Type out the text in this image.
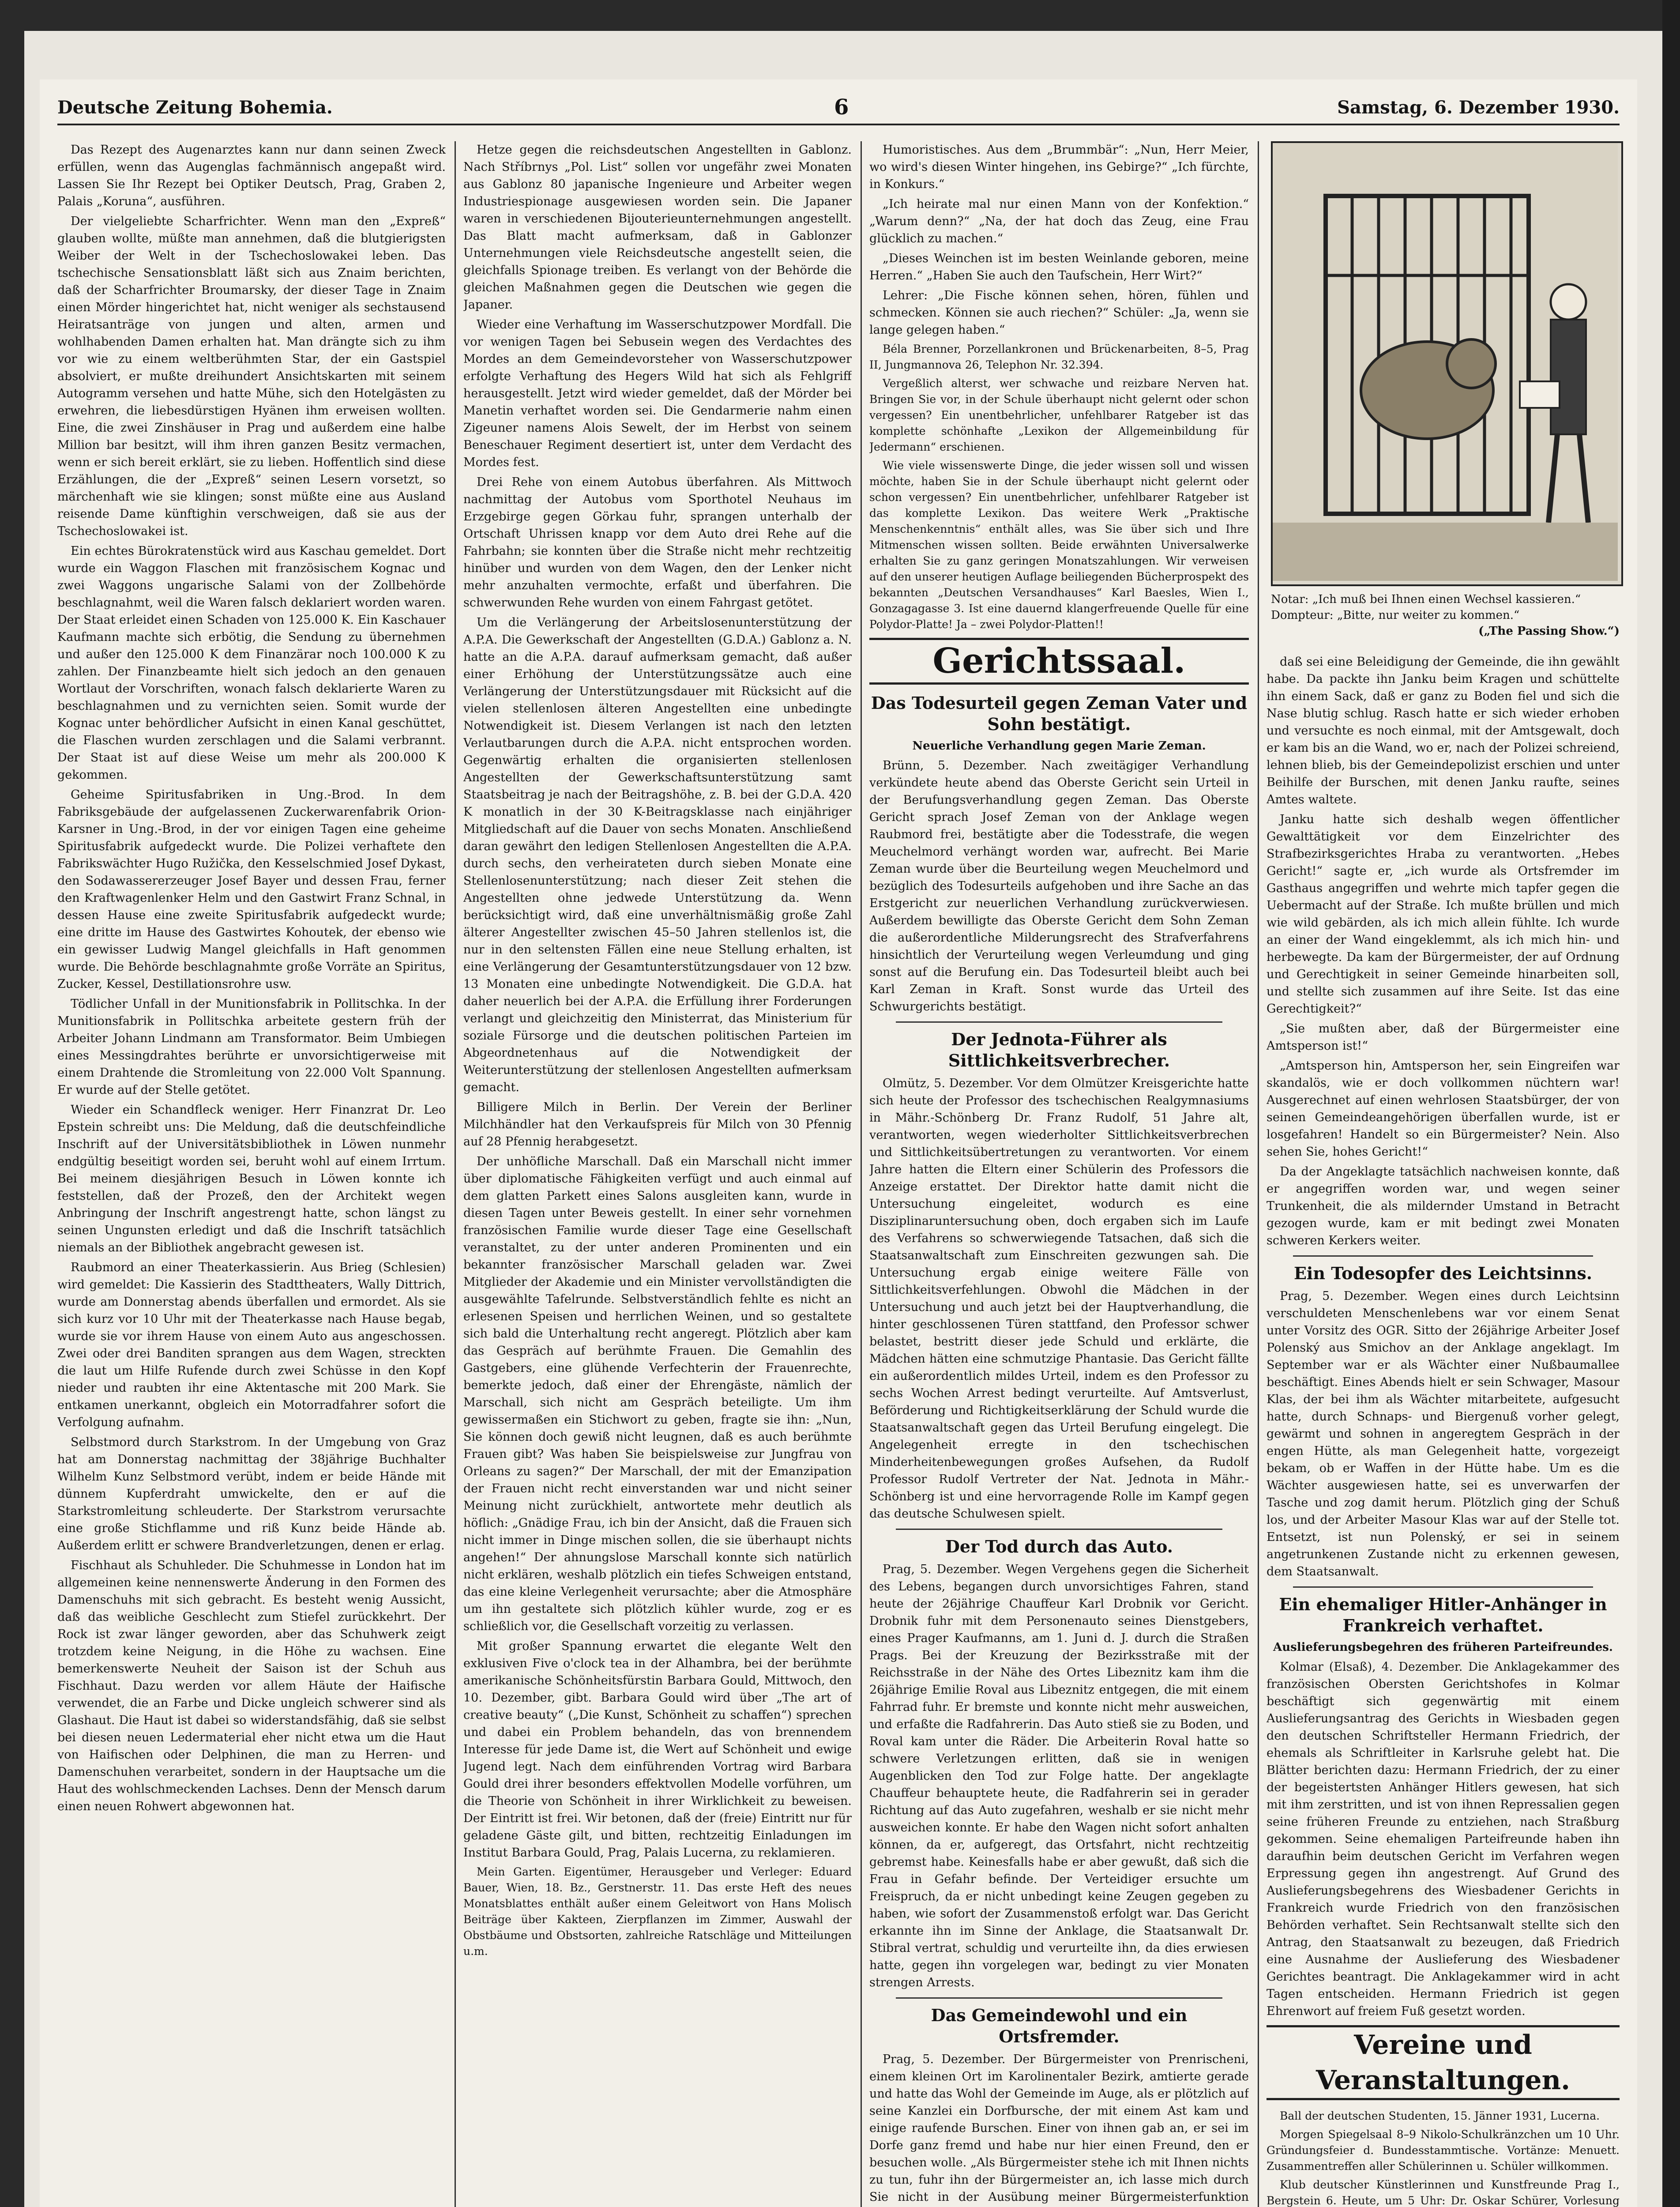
Deutsche Zeitung Bohemia.	6	Samstag, 6. Dezember 1930.

Das Rezept des Augenarztes kann nur dann seinen Zweck erfüllen, wenn das Augenglas fachmännisch angepaßt wird. Lassen Sie Ihr Rezept bei Optiker Deutsch, Prag, Graben 2, Palais „Koruna“, ausführen.

Der vielgeliebte Scharfrichter. Wenn man den „Expreß“ glauben wollte, müßte man annehmen, daß die blutgierigsten Weiber der Welt in der Tschechoslowakei leben. Das tschechische Sensationsblatt läßt sich aus Znaim berichten, daß der Scharfrichter Broumarsky, der dieser Tage in Znaim einen Mörder hingerichtet hat, nicht weniger als sechstausend Heiratsanträge von jungen und alten, armen und wohlhabenden Damen erhalten hat. Man drängte sich zu ihm vor wie zu einem weltberühmten Star, der ein Gastspiel absolviert, er mußte dreihundert Ansichtskarten mit seinem Autogramm versehen und hatte Mühe, sich den Hotelgästen zu erwehren, die liebesdürstigen Hyänen ihm erweisen wollten. Eine, die zwei Zinshäuser in Prag und außerdem eine halbe Million bar besitzt, will ihm ihren ganzen Besitz vermachen, wenn er sich bereit erklärt, sie zu lieben. Hoffentlich sind diese Erzählungen, die der „Expreß“ seinen Lesern vorsetzt, so märchenhaft wie sie klingen; sonst müßte eine aus Ausland reisende Dame künftighin verschweigen, daß sie aus der Tschechoslowakei ist.

Ein echtes Bürokratenstück wird aus Kaschau gemeldet. Dort wurde ein Waggon Flaschen mit französischem Kognac und zwei Waggons ungarische Salami von der Zollbehörde beschlagnahmt, weil die Waren falsch deklariert worden waren. Der Staat erleidet einen Schaden von 125.000 K. Ein Kaschauer Kaufmann machte sich erbötig, die Sendung zu übernehmen und außer den 125.000 K dem Finanzärar noch 100.000 K zu zahlen. Der Finanzbeamte hielt sich jedoch an den genauen Wortlaut der Vorschriften, wonach falsch deklarierte Waren zu beschlagnahmen und zu vernichten seien. Somit wurde der Kognac unter behördlicher Aufsicht in einen Kanal geschüttet, die Flaschen wurden zerschlagen und die Salami verbrannt. Der Staat ist auf diese Weise um mehr als 200.000 K gekommen.

Geheime Spiritusfabriken in Ung.-Brod. In dem Fabriksgebäude der aufgelassenen Zuckerwarenfabrik Orion-Karsner in Ung.-Brod, in der vor einigen Tagen eine geheime Spiritusfabrik aufgedeckt wurde. Die Polizei verhaftete den Fabrikswächter Hugo Ružička, den Kesselschmied Josef Dykast, den Sodawassererzeuger Josef Bayer und dessen Frau, ferner den Kraftwagenlenker Helm und den Gastwirt Franz Schnal, in dessen Hause eine zweite Spiritusfabrik aufgedeckt wurde; eine dritte im Hause des Gastwirtes Kohoutek, der ebenso wie ein gewisser Ludwig Mangel gleichfalls in Haft genommen wurde. Die Behörde beschlagnahmte große Vorräte an Spiritus, Zucker, Kessel, Destillationsrohre usw.

Tödlicher Unfall in der Munitionsfabrik in Pollitschka. In der Munitionsfabrik in Pollitschka arbeitete gestern früh der Arbeiter Johann Lindmann am Transformator. Beim Umbiegen eines Messingdrahtes berührte er unvorsichtigerweise mit einem Drahtende die Stromleitung von 22.000 Volt Spannung. Er wurde auf der Stelle getötet.

Wieder ein Schandfleck weniger. Herr Finanzrat Dr. Leo Epstein schreibt uns: Die Meldung, daß die deutschfeindliche Inschrift auf der Universitätsbibliothek in Löwen nunmehr endgültig beseitigt worden sei, beruht wohl auf einem Irrtum. Bei meinem diesjährigen Besuch in Löwen konnte ich feststellen, daß der Prozeß, den der Architekt wegen Anbringung der Inschrift angestrengt hatte, schon längst zu seinen Ungunsten erledigt und daß die Inschrift tatsächlich niemals an der Bibliothek angebracht gewesen ist.

Raubmord an einer Theaterkassierin. Aus Brieg (Schlesien) wird gemeldet: Die Kassierin des Stadttheaters, Wally Dittrich, wurde am Donnerstag abends überfallen und ermordet. Als sie sich kurz vor 10 Uhr mit der Theaterkasse nach Hause begab, wurde sie vor ihrem Hause von einem Auto aus angeschossen. Zwei oder drei Banditen sprangen aus dem Wagen, streckten die laut um Hilfe Rufende durch zwei Schüsse in den Kopf nieder und raubten ihr eine Aktentasche mit 200 Mark. Sie entkamen unerkannt, obgleich ein Motorradfahrer sofort die Verfolgung aufnahm.

Selbstmord durch Starkstrom. In der Umgebung von Graz hat am Donnerstag nachmittag der 38jährige Buchhalter Wilhelm Kunz Selbstmord verübt, indem er beide Hände mit dünnem Kupferdraht umwickelte, den er auf die Starkstromleitung schleuderte. Der Starkstrom verursachte eine große Stichflamme und riß Kunz beide Hände ab. Außerdem erlitt er schwere Brandverletzungen, denen er erlag.

Fischhaut als Schuhleder. Die Schuhmesse in London hat im allgemeinen keine nennenswerte Änderung in den Formen des Damenschuhs mit sich gebracht. Es besteht wenig Aussicht, daß das weibliche Geschlecht zum Stiefel zurückkehrt. Der Rock ist zwar länger geworden, aber das Schuhwerk zeigt trotzdem keine Neigung, in die Höhe zu wachsen. Eine bemerkenswerte Neuheit der Saison ist der Schuh aus Fischhaut. Dazu werden vor allem Häute der Haifische verwendet, die an Farbe und Dicke ungleich schwerer sind als Glashaut. Die Haut ist dabei so widerstandsfähig, daß sie selbst bei diesen neuen Ledermaterial eher nicht etwa um die Haut von Haifischen oder Delphinen, die man zu Herren- und Damenschuhen verarbeitet, sondern in der Hauptsache um die Haut des wohlschmeckenden Lachses. Denn der Mensch darum einen neuen Rohwert abgewonnen hat.

Hetze gegen die reichsdeutschen Angestellten in Gablonz. Nach Stříbrnys „Pol. List“ sollen vor ungefähr zwei Monaten aus Gablonz 80 japanische Ingenieure und Arbeiter wegen Industriespionage ausgewiesen worden sein. Die Japaner waren in verschiedenen Bijouterieunternehmungen angestellt. Das Blatt macht aufmerksam, daß in Gablonzer Unternehmungen viele Reichsdeutsche angestellt seien, die gleichfalls Spionage treiben. Es verlangt von der Behörde die gleichen Maßnahmen gegen die Deutschen wie gegen die Japaner.

Wieder eine Verhaftung im Wasserschutzpower Mordfall. Die vor wenigen Tagen bei Sebusein wegen des Verdachtes des Mordes an dem Gemeindevorsteher von Wasserschutzpower erfolgte Verhaftung des Hegers Wild hat sich als Fehlgriff herausgestellt. Jetzt wird wieder gemeldet, daß der Mörder bei Manetin verhaftet worden sei. Die Gendarmerie nahm einen Zigeuner namens Alois Sewelt, der im Herbst von seinem Beneschauer Regiment desertiert ist, unter dem Verdacht des Mordes fest.

Drei Rehe von einem Autobus überfahren. Als Mittwoch nachmittag der Autobus vom Sporthotel Neuhaus im Erzgebirge gegen Görkau fuhr, sprangen unterhalb der Ortschaft Uhrissen knapp vor dem Auto drei Rehe auf die Fahrbahn; sie konnten über die Straße nicht mehr rechtzeitig hinüber und wurden von dem Wagen, den der Lenker nicht mehr anzuhalten vermochte, erfaßt und überfahren. Die schwerwunden Rehe wurden von einem Fahrgast getötet.

Um die Verlängerung der Arbeitslosenunterstützung der A.P.A. Die Gewerkschaft der Angestellten (G.D.A.) Gablonz a. N. hatte an die A.P.A. darauf aufmerksam gemacht, daß außer einer Erhöhung der Unterstützungssätze auch eine Verlängerung der Unterstützungsdauer mit Rücksicht auf die vielen stellenlosen älteren Angestellten eine unbedingte Notwendigkeit ist. Diesem Verlangen ist nach den letzten Verlautbarungen durch die A.P.A. nicht entsprochen worden. Gegenwärtig erhalten die organisierten stellenlosen Angestellten der Gewerkschaftsunterstützung samt Staatsbeitrag je nach der Beitragshöhe, z. B. bei der G.D.A. 420 K monatlich in der 30 K-Beitragsklasse nach einjähriger Mitgliedschaft auf die Dauer von sechs Monaten. Anschließend daran gewährt den ledigen Stellenlosen Angestellten die A.P.A. durch sechs, den verheirateten durch sieben Monate eine Stellenlosenunterstützung; nach dieser Zeit stehen die Angestellten ohne jedwede Unterstützung da. Wenn berücksichtigt wird, daß eine unverhältnismäßig große Zahl älterer Angestellter zwischen 45–50 Jahren stellenlos ist, die nur in den seltensten Fällen eine neue Stellung erhalten, ist eine Verlängerung der Gesamtunterstützungsdauer von 12 bzw. 13 Monaten eine unbedingte Notwendigkeit. Die G.D.A. hat daher neuerlich bei der A.P.A. die Erfüllung ihrer Forderungen verlangt und gleichzeitig den Ministerrat, das Ministerium für soziale Fürsorge und die deutschen politischen Parteien im Abgeordnetenhaus auf die Notwendigkeit der Weiterunterstützung der stellenlosen Angestellten aufmerksam gemacht.

Billigere Milch in Berlin. Der Verein der Berliner Milchhändler hat den Verkaufspreis für Milch von 30 Pfennig auf 28 Pfennig herabgesetzt.

Der unhöfliche Marschall. Daß ein Marschall nicht immer über diplomatische Fähigkeiten verfügt und auch einmal auf dem glatten Parkett eines Salons ausgleiten kann, wurde in diesen Tagen unter Beweis gestellt. In einer sehr vornehmen französischen Familie wurde dieser Tage eine Gesellschaft veranstaltet, zu der unter anderen Prominenten und ein bekannter französischer Marschall geladen war. Zwei Mitglieder der Akademie und ein Minister vervollständigten die ausgewählte Tafelrunde. Selbstverständlich fehlte es nicht an erlesenen Speisen und herrlichen Weinen, und so gestaltete sich bald die Unterhaltung recht angeregt. Plötzlich aber kam das Gespräch auf berühmte Frauen. Die Gemahlin des Gastgebers, eine glühende Verfechterin der Frauenrechte, bemerkte jedoch, daß einer der Ehrengäste, nämlich der Marschall, sich nicht am Gespräch beteiligte. Um ihm gewissermaßen ein Stichwort zu geben, fragte sie ihn: „Nun, Sie können doch gewiß nicht leugnen, daß es auch berühmte Frauen gibt? Was haben Sie beispielsweise zur Jungfrau von Orleans zu sagen?“ Der Marschall, der mit der Emanzipation der Frauen nicht recht einverstanden war und nicht seiner Meinung nicht zurückhielt, antwortete mehr deutlich als höflich: „Gnädige Frau, ich bin der Ansicht, daß die Frauen sich nicht immer in Dinge mischen sollen, die sie überhaupt nichts angehen!“ Der ahnungslose Marschall konnte sich natürlich nicht erklären, weshalb plötzlich ein tiefes Schweigen entstand, das eine kleine Verlegenheit verursachte; aber die Atmosphäre um ihn gestaltete sich plötzlich kühler wurde, zog er es schließlich vor, die Gesellschaft vorzeitig zu verlassen.

Mit großer Spannung erwartet die elegante Welt den exklusiven Five o'clock tea in der Alhambra, bei der berühmte amerikanische Schönheitsfürstin Barbara Gould, Mittwoch, den 10. Dezember, gibt. Barbara Gould wird über „The art of creative beauty“ („Die Kunst, Schönheit zu schaffen“) sprechen und dabei ein Problem behandeln, das von brennendem Interesse für jede Dame ist, die Wert auf Schönheit und ewige Jugend legt. Nach dem einführenden Vortrag wird Barbara Gould drei ihrer besonders effektvollen Modelle vorführen, um die Theorie von Schönheit in ihrer Wirklichkeit zu beweisen. Der Eintritt ist frei. Wir betonen, daß der (freie) Eintritt nur für geladene Gäste gilt, und bitten, rechtzeitig Einladungen im Institut Barbara Gould, Prag, Palais Lucerna, zu reklamieren.

Mein Garten. Eigentümer, Herausgeber und Verleger: Eduard Bauer, Wien, 18. Bz., Gerstnerstr. 11. Das erste Heft des neues Monatsblattes enthält außer einem Geleitwort von Hans Molisch Beiträge über Kakteen, Zierpflanzen im Zimmer, Auswahl der Obstbäume und Obstsorten, zahlreiche Ratschläge und Mitteilungen u.m.

Humoristisches. Aus dem „Brummbär“: „Nun, Herr Meier, wo wird's diesen Winter hingehen, ins Gebirge?“ „Ich fürchte, in Konkurs.“

„Ich heirate mal nur einen Mann von der Konfektion.“ „Warum denn?“ „Na, der hat doch das Zeug, eine Frau glücklich zu machen.“

„Dieses Weinchen ist im besten Weinlande geboren, meine Herren.“ „Haben Sie auch den Taufschein, Herr Wirt?“

Lehrer: „Die Fische können sehen, hören, fühlen und schmecken. Können sie auch riechen?“ Schüler: „Ja, wenn sie lange gelegen haben.“

Béla Brenner, Porzellankronen und Brückenarbeiten, 8–5, Prag II, Jungmannova 26, Telephon Nr. 32.394.

Vergeßlich alterst, wer schwache und reizbare Nerven hat. Bringen Sie vor, in der Schule überhaupt nicht gelernt oder schon vergessen? Ein unentbehrlicher, unfehlbarer Ratgeber ist das komplette schönhafte „Lexikon der Allgemeinbildung für Jedermann“ erschienen.

Wie viele wissenswerte Dinge, die jeder wissen soll und wissen möchte, haben Sie in der Schule überhaupt nicht gelernt oder schon vergessen? Ein unentbehrlicher, unfehlbarer Ratgeber ist das komplette Lexikon. Das weitere Werk „Praktische Menschenkenntnis“ enthält alles, was Sie über sich und Ihre Mitmenschen wissen sollten. Beide erwähnten Universalwerke erhalten Sie zu ganz geringen Monatszahlungen. Wir verweisen auf den unserer heutigen Auflage beiliegenden Bücherprospekt des bekannten „Deutschen Versandhauses“ Karl Baesles, Wien I., Gonzagagasse 3. Ist eine dauernd klangerfreuende Quelle für eine Polydor-Platte! Ja – zwei Polydor-Platten!!

Gerichtssaal.
Das Todesurteil gegen Zeman Vater und Sohn bestätigt.
Neuerliche Verhandlung gegen Marie Zeman.

Brünn, 5. Dezember. Nach zweitägiger Verhandlung verkündete heute abend das Oberste Gericht sein Urteil in der Berufungsverhandlung gegen Zeman. Das Oberste Gericht sprach Josef Zeman von der Anklage wegen Raubmord frei, bestätigte aber die Todesstrafe, die wegen Meuchelmord verhängt worden war, aufrecht. Bei Marie Zeman wurde über die Beurteilung wegen Meuchelmord und bezüglich des Todesurteils aufgehoben und ihre Sache an das Erstgericht zur neuerlichen Verhandlung zurückverwiesen. Außerdem bewilligte das Oberste Gericht dem Sohn Zeman die außerordentliche Milderungsrecht des Strafverfahrens hinsichtlich der Verurteilung wegen Verleumdung und ging sonst auf die Berufung ein. Das Todesurteil bleibt auch bei Karl Zeman in Kraft. Sonst wurde das Urteil des Schwurgerichts bestätigt.

Der Jednota-Führer als Sittlichkeitsverbrecher.

Olmütz, 5. Dezember. Vor dem Olmützer Kreisgerichte hatte sich heute der Professor des tschechischen Realgymnasiums in Mähr.-Schönberg Dr. Franz Rudolf, 51 Jahre alt, verantworten, wegen wiederholter Sittlichkeitsverbrechen und Sittlichkeitsübertretungen zu verantworten. Vor einem Jahre hatten die Eltern einer Schülerin des Professors die Anzeige erstattet. Der Direktor hatte damit nicht die Untersuchung eingeleitet, wodurch es eine Disziplinaruntersuchung oben, doch ergaben sich im Laufe des Verfahrens so schwerwiegende Tatsachen, daß sich die Staatsanwaltschaft zum Einschreiten gezwungen sah. Die Untersuchung ergab einige weitere Fälle von Sittlichkeitsverfehlungen. Obwohl die Mädchen in der Untersuchung und auch jetzt bei der Hauptverhandlung, die hinter geschlossenen Türen stattfand, den Professor schwer belastet, bestritt dieser jede Schuld und erklärte, die Mädchen hätten eine schmutzige Phantasie. Das Gericht fällte ein außerordentlich mildes Urteil, indem es den Professor zu sechs Wochen Arrest bedingt verurteilte. Auf Amtsverlust, Beförderung und Richtigkeitserklärung der Schuld wurde die Staatsanwaltschaft gegen das Urteil Berufung eingelegt. Die Angelegenheit erregte in den tschechischen Minderheitenbewegungen großes Aufsehen, da Rudolf Professor Rudolf Vertreter der Nat. Jednota in Mähr.-Schönberg ist und eine hervorragende Rolle im Kampf gegen das deutsche Schulwesen spielt.

Der Tod durch das Auto.

Prag, 5. Dezember. Wegen Vergehens gegen die Sicherheit des Lebens, begangen durch unvorsichtiges Fahren, stand heute der 26jährige Chauffeur Karl Drobnik vor Gericht. Drobnik fuhr mit dem Personenauto seines Dienstgebers, eines Prager Kaufmanns, am 1. Juni d. J. durch die Straßen Prags. Bei der Kreuzung der Bezirksstraße mit der Reichsstraße in der Nähe des Ortes Libeznitz kam ihm die 26jährige Emilie Roval aus Libeznitz entgegen, die mit einem Fahrrad fuhr. Er bremste und konnte nicht mehr ausweichen, und erfaßte die Radfahrerin. Das Auto stieß sie zu Boden, und Roval kam unter die Räder. Die Arbeiterin Roval hatte so schwere Verletzungen erlitten, daß sie in wenigen Augenblicken den Tod zur Folge hatte. Der angeklagte Chauffeur behauptete heute, die Radfahrerin sei in gerader Richtung auf das Auto zugefahren, weshalb er sie nicht mehr ausweichen konnte. Er habe den Wagen nicht sofort anhalten können, da er, aufgeregt, das Ortsfahrt, nicht rechtzeitig gebremst habe. Keinesfalls habe er aber gewußt, daß sich die Frau in Gefahr befinde. Der Verteidiger ersuchte um Freispruch, da er nicht unbedingt keine Zeugen gegeben zu haben, wie sofort der Zusammenstoß erfolgt war. Das Gericht erkannte ihn im Sinne der Anklage, die Staatsanwalt Dr. Stibral vertrat, schuldig und verurteilte ihn, da dies erwiesen hatte, gegen ihn vorgelegen war, bedingt zu vier Monaten strengen Arrests.

Das Gemeindewohl und ein Ortsfremder.

Prag, 5. Dezember. Der Bürgermeister von Prenrischeni, einem kleinen Ort im Karolinentaler Bezirk, amtierte gerade und hatte das Wohl der Gemeinde im Auge, als er plötzlich auf seine Kanzlei ein Dorfbursche, der mit einem Ast kam und einige raufende Burschen. Einer von ihnen gab an, er sei im Dorfe ganz fremd und habe nur hier einen Freund, den er besuchen wolle. „Als Bürgermeister stehe ich mit Ihnen nichts zu tun, fuhr ihn der Bürgermeister an, ich lasse mich durch Sie nicht in der Ausübung meiner Bürgermeisterfunktion

Notar: „Ich muß bei Ihnen einen Wechsel kassieren.“ Dompteur: „Bitte, nur weiter zu kommen.“
(„The Passing Show.“)

daß sei eine Beleidigung der Gemeinde, die ihn gewählt habe. Da packte ihn Janku beim Kragen und schüttelte ihn einem Sack, daß er ganz zu Boden fiel und sich die Nase blutig schlug. Rasch hatte er sich wieder erhoben und versuchte es noch einmal, mit der Amtsgewalt, doch er kam bis an die Wand, wo er, nach der Polizei schreiend, lehnen blieb, bis der Gemeindepolizist erschien und unter Beihilfe der Burschen, mit denen Janku raufte, seines Amtes waltete.

Janku hatte sich deshalb wegen öffentlicher Gewalttätigkeit vor dem Einzelrichter des Strafbezirksgerichtes Hraba zu verantworten. „Hebes Gericht!“ sagte er, „ich wurde als Ortsfremder im Gasthaus angegriffen und wehrte mich tapfer gegen die Uebermacht auf der Straße. Ich mußte brüllen und mich wie wild gebärden, als ich mich allein fühlte. Ich wurde an einer der Wand eingeklemmt, als ich mich hin- und herbewegte. Da kam der Bürgermeister, der auf Ordnung und Gerechtigkeit in seiner Gemeinde hinarbeiten soll, und stellte sich zusammen auf ihre Seite. Ist das eine Gerechtigkeit?“

„Sie mußten aber, daß der Bürgermeister eine Amtsperson ist!“

„Amtsperson hin, Amtsperson her, sein Eingreifen war skandalös, wie er doch vollkommen nüchtern war! Ausgerechnet auf einen wehrlosen Staatsbürger, der von seinen Gemeindeangehörigen überfallen wurde, ist er losgefahren! Handelt so ein Bürgermeister? Nein. Also sehen Sie, hohes Gericht!“

Da der Angeklagte tatsächlich nachweisen konnte, daß er angegriffen worden war, und wegen seiner Trunkenheit, die als mildernder Umstand in Betracht gezogen wurde, kam er mit bedingt zwei Monaten schweren Kerkers weiter.

Ein Todesopfer des Leichtsinns.

Prag, 5. Dezember. Wegen eines durch Leichtsinn verschuldeten Menschenlebens war vor einem Senat unter Vorsitz des OGR. Sitto der 26jährige Arbeiter Josef Polenský aus Smichov an der Anklage angeklagt. Im September war er als Wächter einer Nußbaumallee beschäftigt. Eines Abends hielt er sein Schwager, Masour Klas, der bei ihm als Wächter mitarbeitete, aufgesucht hatte, durch Schnaps- und Biergenuß vorher gelegt, gewärmt und sohnen in angeregtem Gespräch in der engen Hütte, als man Gelegenheit hatte, vorgezeigt bekam, ob er Waffen in der Hütte habe. Um es die Wächter ausgewiesen hatte, sei es unverwarfen der Tasche und zog damit herum. Plötzlich ging der Schuß los, und der Arbeiter Masour Klas war auf der Stelle tot. Entsetzt, ist nun Polenský, er sei in seinem angetrunkenen Zustande nicht zu erkennen gewesen, dem Staatsanwalt.

Ein ehemaliger Hitler-Anhänger in Frankreich verhaftet.
Auslieferungsbegehren des früheren Parteifreundes.

Kolmar (Elsaß), 4. Dezember. Die Anklagekammer des französischen Obersten Gerichtshofes in Kolmar beschäftigt sich gegenwärtig mit einem Auslieferungsantrag des Gerichts in Wiesbaden gegen den deutschen Schriftsteller Hermann Friedrich, der ehemals als Schriftleiter in Karlsruhe gelebt hat. Die Blätter berichten dazu: Hermann Friedrich, der zu einer der begeistertsten Anhänger Hitlers gewesen, hat sich mit ihm zerstritten, und ist von ihnen Repressalien gegen seine früheren Freunde zu entziehen, nach Straßburg gekommen. Seine ehemaligen Parteifreunde haben ihn daraufhin beim deutschen Gericht im Verfahren wegen Erpressung gegen ihn angestrengt. Auf Grund des Auslieferungsbegehrens des Wiesbadener Gerichts in Frankreich wurde Friedrich von den französischen Behörden verhaftet. Sein Rechtsanwalt stellte sich den Antrag, den Staatsanwalt zu bezeugen, daß Friedrich eine Ausnahme der Auslieferung des Wiesbadener Gerichtes beantragt. Die Anklagekammer wird in acht Tagen entscheiden. Hermann Friedrich ist gegen Ehrenwort auf freiem Fuß gesetzt worden.

Vereine und Veranstaltungen.

Ball der deutschen Studenten, 15. Jänner 1931, Lucerna.

Morgen Spiegelsaal 8–9 Nikolo-Schulkränzchen um 10 Uhr. Gründungsfeier d. Bundesstammtische. Vortänze: Menuett. Zusammentreffen aller Schülerinnen u. Schüler willkommen.

Klub deutscher Künstlerinnen und Kunstfreunde Prag I., Bergstein 6. Heute, um 5 Uhr: Dr. Oskar Schürer, Vorlesung
